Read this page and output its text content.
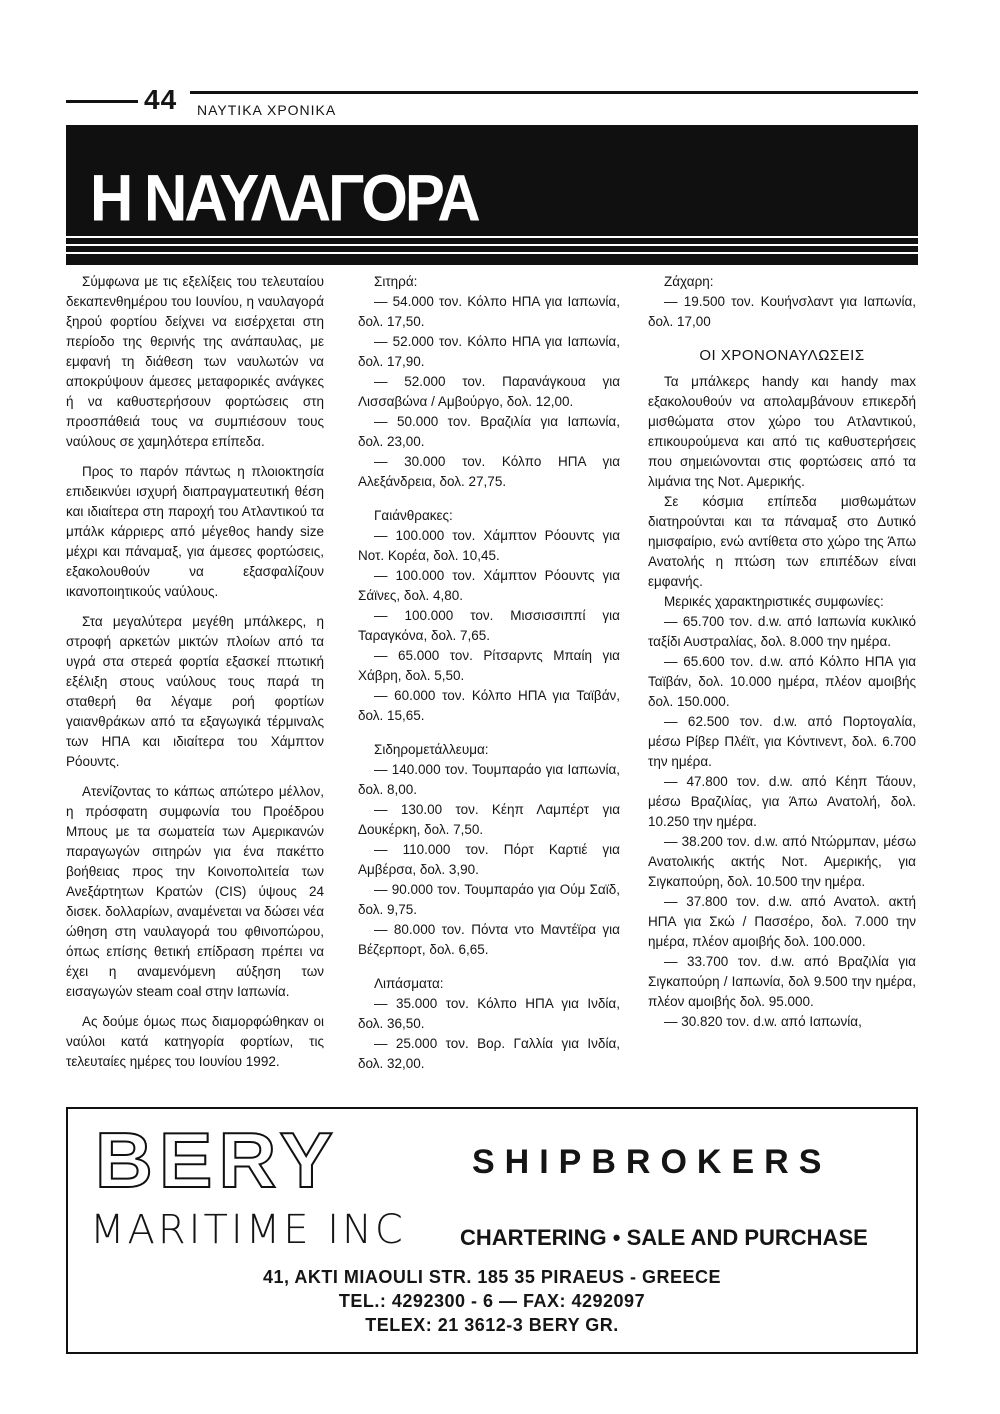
44 ΝΑΥΤΙΚΑ ΧΡΟΝΙΚΑ
Η ΝΑΥΛΑΓΟΡΑ

Σύμφωνα με τις εξελίξεις του τελευταίου δεκαπενθημέρου του Ιουνίου, η ναυλαγορά ξηρού φορτίου δείχνει να εισέρχεται στη περίοδο της θερινής της ανάπαυλας, με εμφανή τη διάθεση των ναυλωτών να αποκρύψουν άμεσες μεταφορικές ανάγκες ή να καθυστερήσουν φορτώσεις στη προσπάθειά τους να συμπιέσουν τους ναύλους σε χαμηλότερα επίπεδα.

Προς το παρόν πάντως η πλοιοκτησία επιδεικνύει ισχυρή διαπραγματευτική θέση και ιδιαίτερα στη παροχή του Ατλαντικού τα μπάλκ κάρριερς από μέγεθος handy size μέχρι και πάναμαξ, για άμεσες φορτώσεις, εξακολουθούν να εξασφαλίζουν ικανοποιητικούς ναύλους.

Στα μεγαλύτερα μεγέθη μπάλκερς, η στροφή αρκετών μικτών πλοίων από τα υγρά στα στερεά φορτία εξασκεί πτωτική εξέλιξη στους ναύλους τους παρά τη σταθερή θα λέγαμε ροή φορτίων γαιανθράκων από τα εξαγωγικά τέρμιναλς των ΗΠΑ και ιδιαίτερα του Χάμπτον Ρόουντς.

Ατενίζοντας το κάπως απώτερο μέλλον, η πρόσφατη συμφωνία του Προέδρου Μπους με τα σωματεία των Αμερικανών παραγωγών σιτηρών για ένα πακέττο βοήθειας προς την Κοινοπολιτεία των Ανεξάρτητων Κρατών (CIS) ύψους 24 δισεκ. δολλαρίων, αναμένεται να δώσει νέα ώθηση στη ναυλαγορά του φθινοπώρου, όπως επίσης θετική επίδραση πρέπει να έχει η αναμενόμενη αύξηση των εισαγωγών steam coal στην Ιαπωνία.

Ας δούμε όμως πως διαμορφώθηκαν οι ναύλοι κατά κατηγορία φορτίων, τις τελευταίες ημέρες του Ιουνίου 1992.

Σιτηρά:

— 54.000 τον. Κόλπο ΗΠΑ για Ιαπωνία, δολ. 17,50.

— 52.000 τον. Κόλπο ΗΠΑ για Ιαπωνία, δολ. 17,90.

— 52.000 τον. Παρανάγκουα για Λισσαβώνα / Αμβούργο, δολ. 12,00.

— 50.000 τον. Βραζιλία για Ιαπωνία, δολ. 23,00.

— 30.000 τον. Κόλπο ΗΠΑ για Αλεξάνδρεια, δολ. 27,75.

Γαιάνθρακες:

— 100.000 τον. Χάμπτον Ρόουντς για Νοτ. Κορέα, δολ. 10,45.

— 100.000 τον. Χάμπτον Ρόουντς για Σάϊνες, δολ. 4,80.

— 100.000 τον. Μισσισσιππί για Ταραγκόνα, δολ. 7,65.

— 65.000 τον. Ρίτσαρντς Μπαίη για Χάβρη, δολ. 5,50.

— 60.000 τον. Κόλπο ΗΠΑ για Ταϊβάν, δολ. 15,65.

Σιδηρομετάλλευμα:

— 140.000 τον. Τουμπαράο για Ιαπωνία, δολ. 8,00.

— 130.00 τον. Κέηπ Λαμπέρτ για Δουκέρκη, δολ. 7,50.

— 110.000 τον. Πόρτ Καρτιέ για Αμβέρσα, δολ. 3,90.

— 90.000 τον. Τουμπαράο για Ούμ Σαϊδ, δολ. 9,75.

— 80.000 τον. Πόντα ντο Μαντέϊρα για Βέζερπορτ, δολ. 6,65.

Λιπάσματα:

— 35.000 τον. Κόλπο ΗΠΑ για Ινδία, δολ. 36,50.

— 25.000 τον. Βορ. Γαλλία για Ινδία, δολ. 32,00.

Ζάχαρη:

— 19.500 τον. Κουήνσλαντ για Ιαπωνία, δολ. 17,00

ΟΙ ΧΡΟΝΟΝΑΥΛΩΣΕΙΣ

Τα μπάλκερς handy και handy max εξακολουθούν να απολαμβάνουν επικερδή μισθώματα στον χώρο του Ατλαντικού, επικουρούμενα και από τις καθυστερήσεις που σημειώνονται στις φορτώσεις από τα λιμάνια της Νοτ. Αμερικής.

Σε κόσμια επίπεδα μισθωμάτων διατηρούνται και τα πάναμαξ στο Δυτικό ημισφαίριο, ενώ αντίθετα στο χώρο της Άπω Ανατολής η πτώση των επιπέδων είναι εμφανής.

Μερικές χαρακτηριστικές συμφωνίες:

— 65.700 τον. d.w. από Ιαπωνία κυκλικό ταξίδι Αυστραλίας, δολ. 8.000 την ημέρα.

— 65.600 τον. d.w. από Κόλπο ΗΠΑ για Ταϊβάν, δολ. 10.000 ημέρα, πλέον αμοιβής δολ. 150.000.

— 62.500 τον. d.w. από Πορτογαλία, μέσω Ρίβερ Πλέϊτ, για Κόντινεντ, δολ. 6.700 την ημέρα.

— 47.800 τον. d.w. από Κέηπ Τάουν, μέσω Βραζιλίας, για Άπω Ανατολή, δολ. 10.250 την ημέρα.

— 38.200 τον. d.w. από Ντώρμπαν, μέσω Ανατολικής ακτής Νοτ. Αμερικής, για Σιγκαπούρη, δολ. 10.500 την ημέρα.

— 37.800 τον. d.w. από Ανατολ. ακτή ΗΠΑ για Σκώ / Πασσέρο, δολ. 7.000 την ημέρα, πλέον αμοιβής δολ. 100.000.

— 33.700 τον. d.w. από Βραζιλία για Σιγκαπούρη / Ιαπωνία, δολ 9.500 την ημέρα, πλέον αμοιβής δολ. 95.000.

— 30.820 τον. d.w. από Ιαπωνία,

BERY
MARITIME INC
SHIPBROKERS
CHARTERING • SALE AND PURCHASE
41, AKTI MIAOULI STR. 185 35 PIRAEUS - GREECE
TEL.: 4292300 - 6 — FAX: 4292097
TELEX: 21 3612-3 BERY GR.
